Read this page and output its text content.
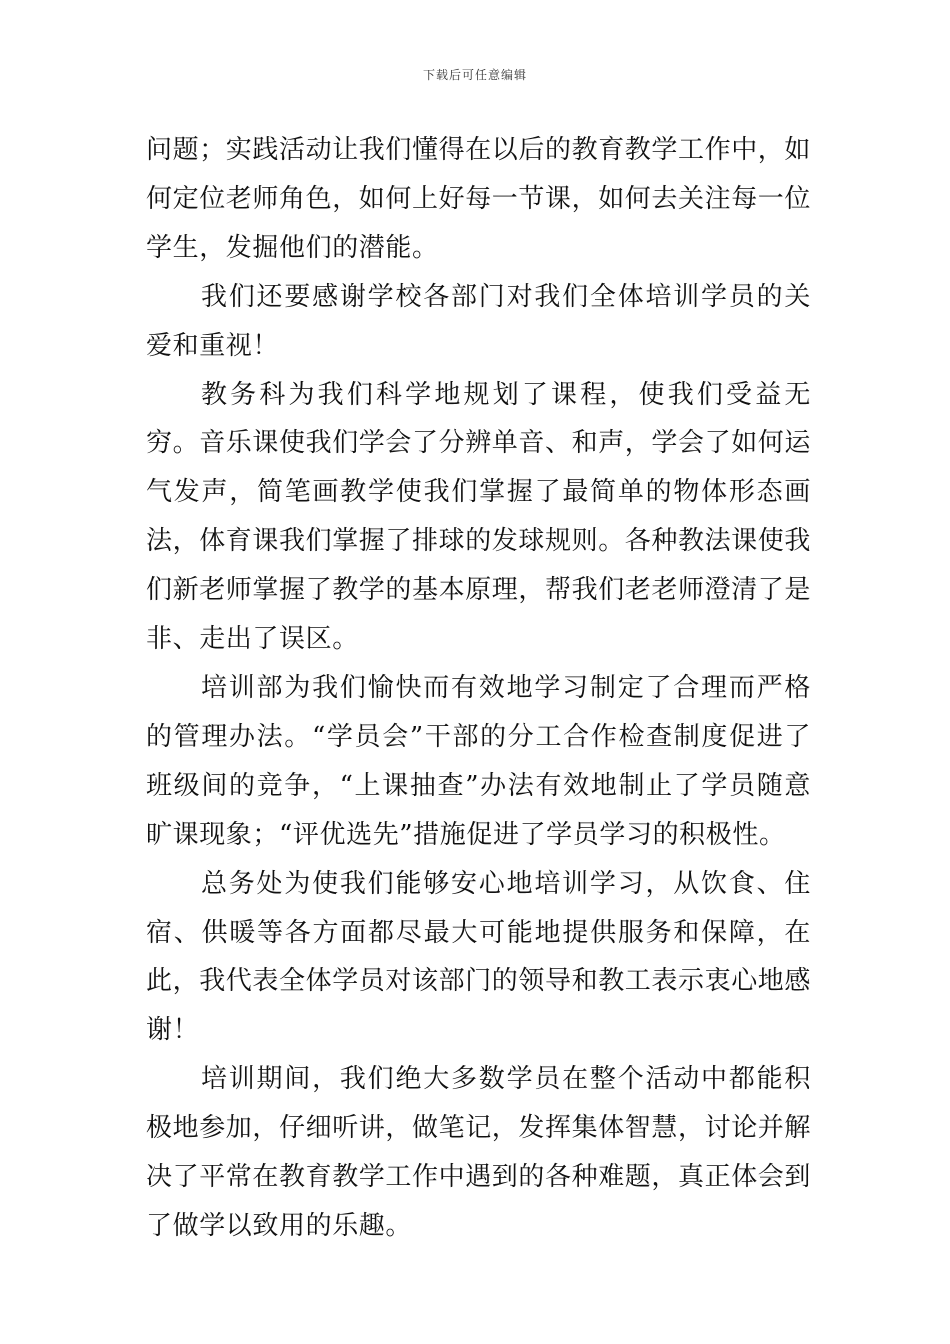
下载后可任意编辑

问题；实践活动让我们懂得在以后的教育教学工作中，如何定位老师角色，如何上好每一节课，如何去关注每一位学生，发掘他们的潜能。

我们还要感谢学校各部门对我们全体培训学员的关爱和重视！

教务科为我们科学地规划了课程，使我们受益无穷。音乐课使我们学会了分辨单音、和声，学会了如何运气发声，简笔画教学使我们掌握了最简单的物体形态画法，体育课我们掌握了排球的发球规则。各种教法课使我们新老师掌握了教学的基本原理，帮我们老老师澄清了是非、走出了误区。

培训部为我们愉快而有效地学习制定了合理而严格的管理办法。“学员会”干部的分工合作检查制度促进了班级间的竞争，“上课抽查”办法有效地制止了学员随意旷课现象；“评优选先”措施促进了学员学习的积极性。

总务处为使我们能够安心地培训学习，从饮食、住宿、供暖等各方面都尽最大可能地提供服务和保障，在此，我代表全体学员对该部门的领导和教工表示衷心地感谢！

培训期间，我们绝大多数学员在整个活动中都能积极地参加，仔细听讲，做笔记，发挥集体智慧，讨论并解决了平常在教育教学工作中遇到的各种难题，真正体会到了做学以致用的乐趣。
